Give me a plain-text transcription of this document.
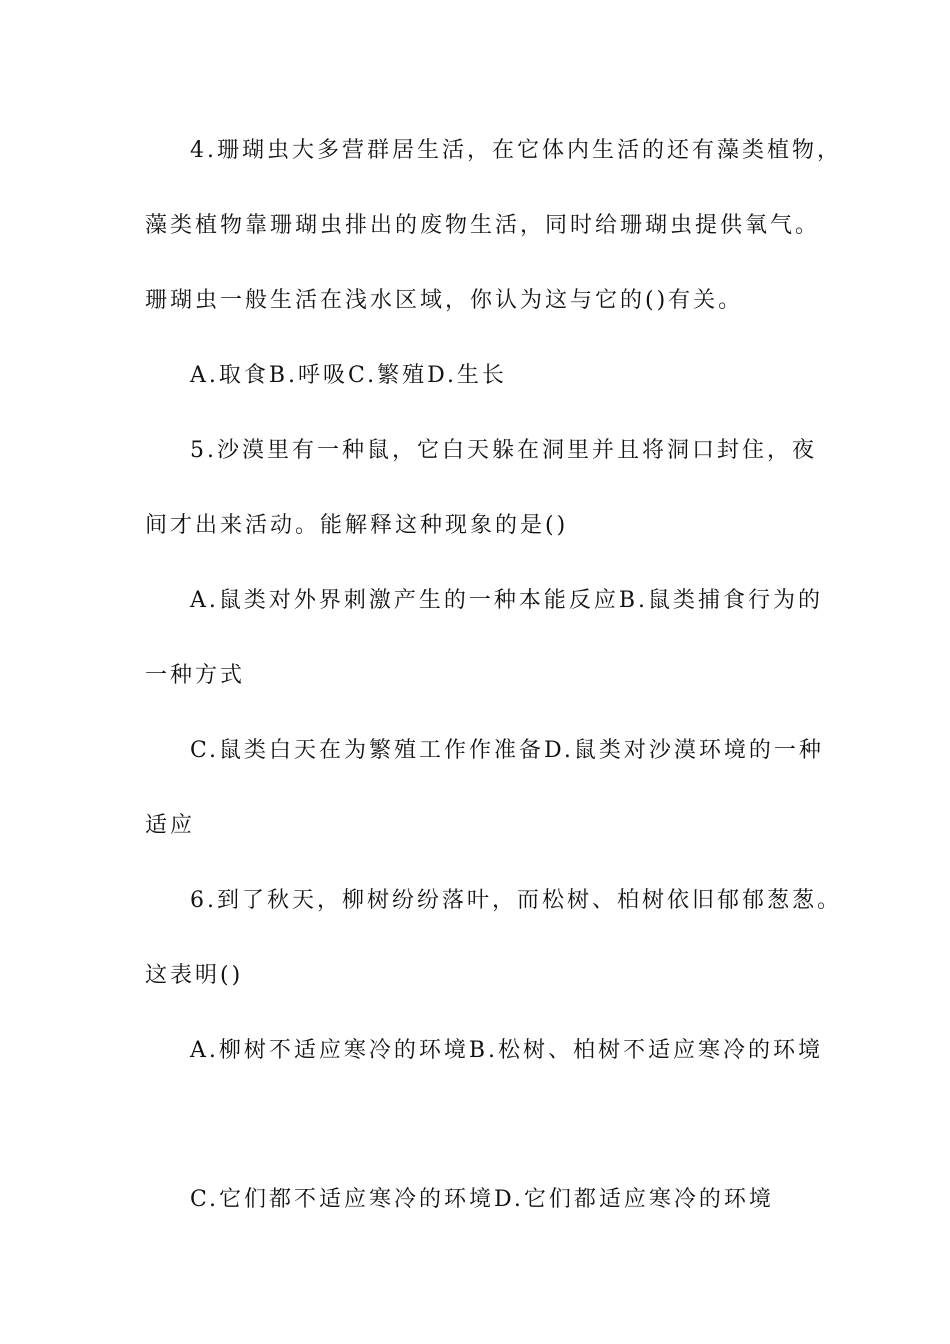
4.珊瑚虫大多营群居生活，在它体内生活的还有藻类植物，
藻类植物靠珊瑚虫排出的废物生活，同时给珊瑚虫提供氧气。
珊瑚虫一般生活在浅水区域，你认为这与它的()有关。
A.取食B.呼吸C.繁殖D.生长
5.沙漠里有一种鼠，它白天躲在洞里并且将洞口封住，夜
间才出来活动。能解释这种现象的是()
A.鼠类对外界刺激产生的一种本能反应B.鼠类捕食行为的
一种方式
C.鼠类白天在为繁殖工作作准备D.鼠类对沙漠环境的一种
适应
6.到了秋天，柳树纷纷落叶，而松树、柏树依旧郁郁葱葱。
这表明()
A.柳树不适应寒冷的环境B.松树、柏树不适应寒冷的环境
C.它们都不适应寒冷的环境D.它们都适应寒冷的环境
